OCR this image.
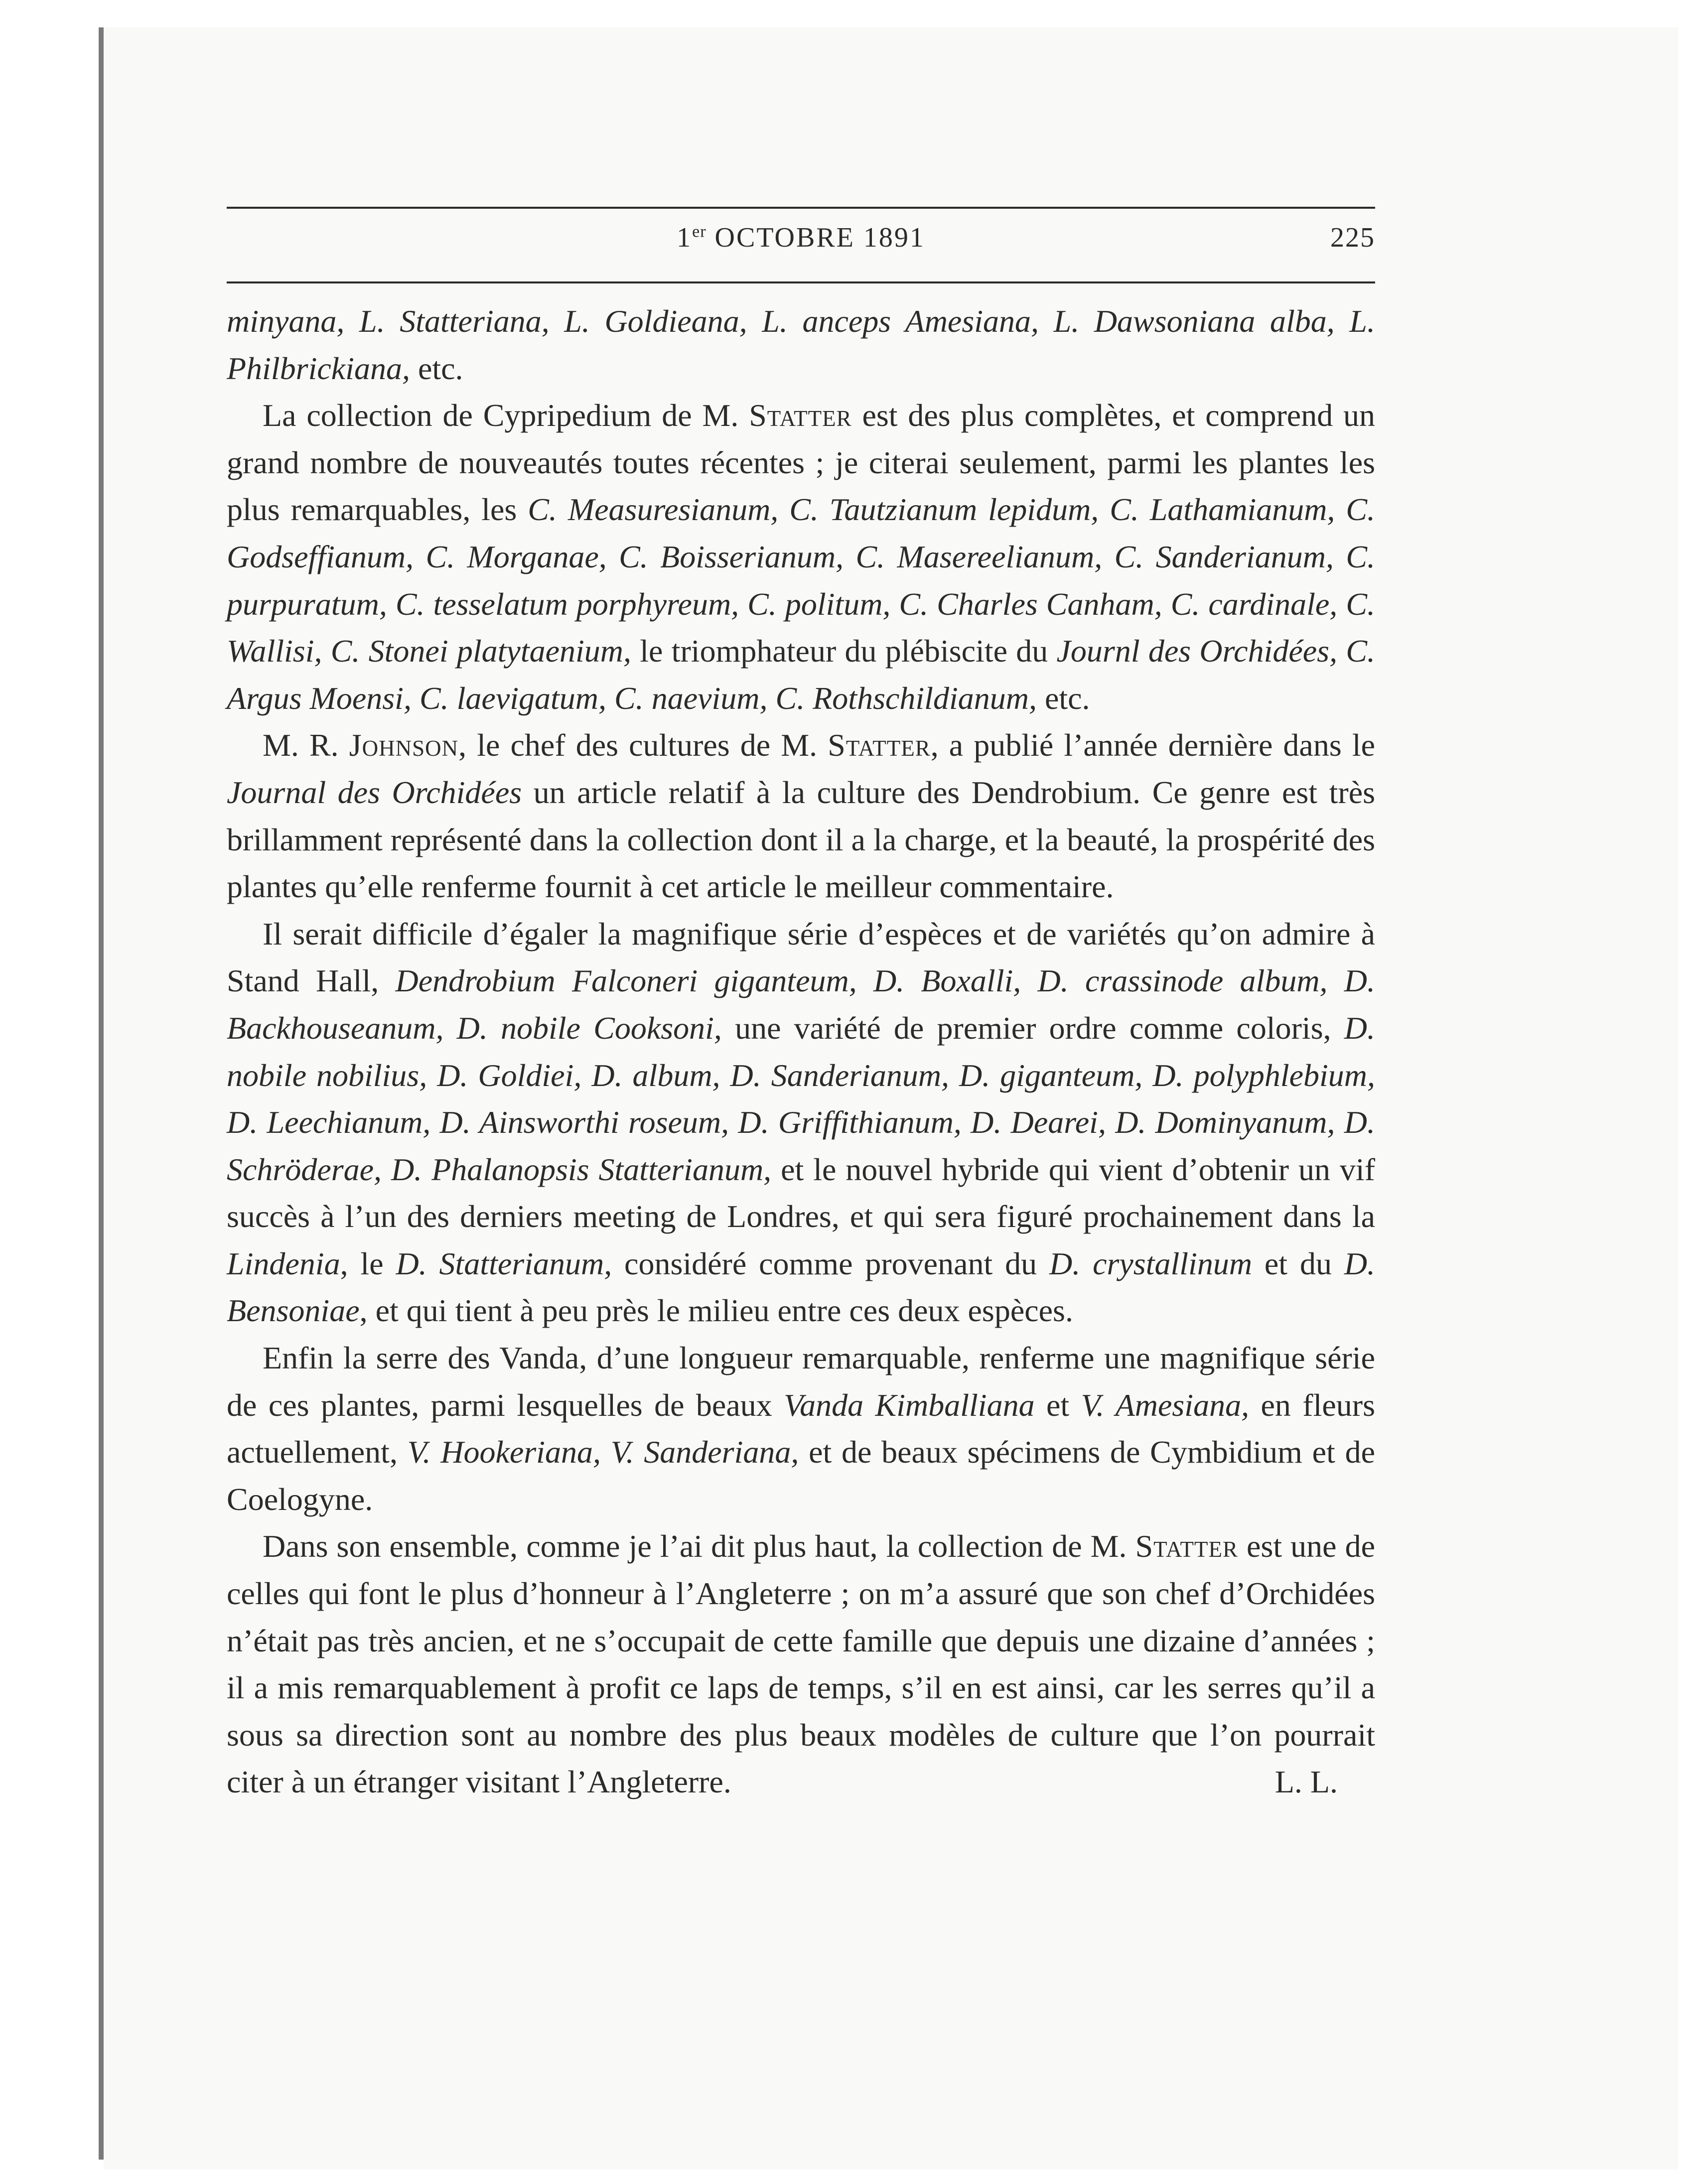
1er OCTOBRE 1891	225

minyana, L. Statteriana, L. Goldieana, L. anceps Amesiana, L. Dawsoniana alba, L. Philbrickiana, etc.

La collection de Cypripedium de M. Statter est des plus complètes, et comprend un grand nombre de nouveautés toutes récentes ; je citerai seulement, parmi les plantes les plus remarquables, les C. Measuresianum, C. Tautzianum lepidum, C. Lathamianum, C. Godseffianum, C. Morganae, C. Boisserianum, C. Masereelianum, C. Sanderianum, C. purpuratum, C. tesselatum porphyreum, C. politum, C. Charles Canham, C. cardinale, C. Wallisi, C. Stonei platytaenium, le triomphateur du plébiscite du Journl des Orchidées, C. Argus Moensi, C. laevigatum, C. naevium, C. Rothschildianum, etc.

M. R. Johnson, le chef des cultures de M. Statter, a publié l’année dernière dans le Journal des Orchidées un article relatif à la culture des Dendrobium. Ce genre est très brillamment représenté dans la collection dont il a la charge, et la beauté, la prospérité des plantes qu’elle renferme fournit à cet article le meilleur commentaire.

Il serait difficile d’égaler la magnifique série d’espèces et de variétés qu’on admire à Stand Hall, Dendrobium Falconeri giganteum, D. Boxalli, D. crassinode album, D. Backhouseanum, D. nobile Cooksoni, une variété de premier ordre comme coloris, D. nobile nobilius, D. Goldiei, D. album, D. Sanderianum, D. giganteum, D. polyphlebium, D. Leechianum, D. Ainsworthi roseum, D. Griffithianum, D. Dearei, D. Dominyanum, D. Schröderae, D. Phalanopsis Statterianum, et le nouvel hybride qui vient d’obtenir un vif succès à l’un des derniers meeting de Londres, et qui sera figuré prochainement dans la Lindenia, le D. Statterianum, considéré comme provenant du D. crystallinum et du D. Bensoniae, et qui tient à peu près le milieu entre ces deux espèces.

Enfin la serre des Vanda, d’une longueur remarquable, renferme une magnifique série de ces plantes, parmi lesquelles de beaux Vanda Kimballiana et V. Amesiana, en fleurs actuellement, V. Hookeriana, V. Sanderiana, et de beaux spécimens de Cymbidium et de Coelogyne.

Dans son ensemble, comme je l’ai dit plus haut, la collection de M. Statter est une de celles qui font le plus d’honneur à l’Angleterre ; on m’a assuré que son chef d’Orchidées n’était pas très ancien, et ne s’occupait de cette famille que depuis une dizaine d’années ; il a mis remarquablement à profit ce laps de temps, s’il en est ainsi, car les serres qu’il a sous sa direction sont au nombre des plus beaux modèles de culture que l’on pourrait citer à un étranger visitant l’Angleterre.	L. L.
